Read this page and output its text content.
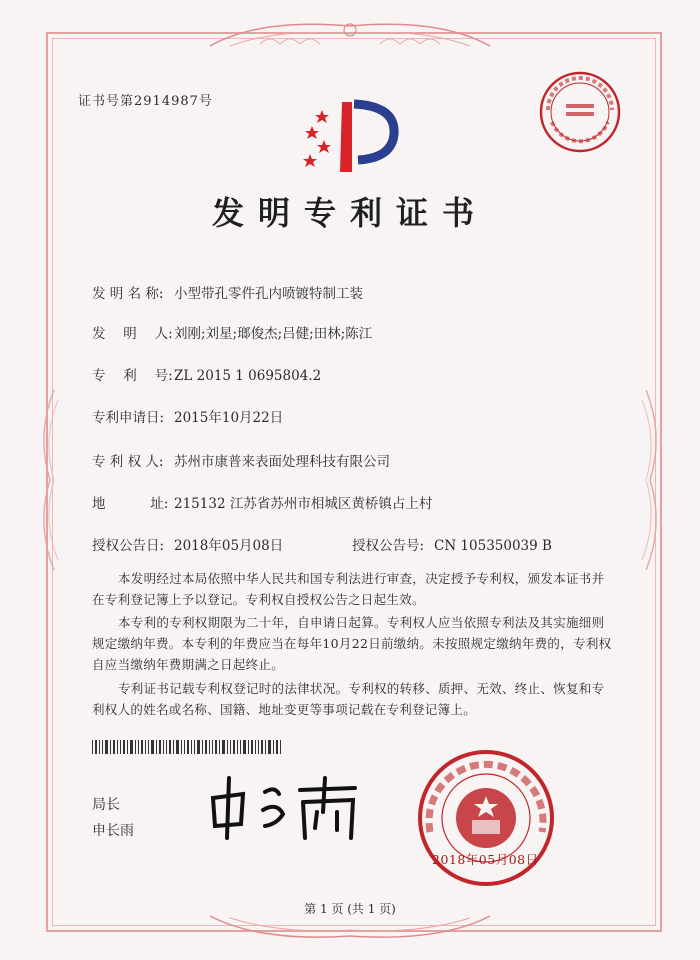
证书号第2914987号
发明专利证书
发 明 名 称: 小型带孔零件孔内喷镀特制工装
发　 明　 人:刘刚;刘星;瑯俊杰;吕健;田林;陈江
专　 利　 号:ZL 2015 1 0695804.2
专利申请日: 2015年10月22日
专 利 权 人: 苏州市康普来表面处理科技有限公司
地　　　 址: 215132 江苏省苏州市相城区黄桥镇占上村
授权公告日: 2018年05月08日	授权公告号: CN 105350039 B
本发明经过本局依照中华人民共和国专利法进行审查，决定授予专利权，颁发本证书并在专利登记簿上予以登记。专利权自授权公告之日起生效。
本专利的专利权期限为二十年，自申请日起算。专利权人应当依照专利法及其实施细则规定缴纳年费。本专利的年费应当在每年10月22日前缴纳。未按照规定缴纳年费的，专利权自应当缴纳年费期满之日起终止。
专利证书记载专利权登记时的法律状况。专利权的转移、质押、无效、终止、恢复和专利权人的姓名或名称、国籍、地址变更等事项记载在专利登记簿上。
局长
申长雨
2018年05月08日
第 1 页 (共 1 页)
